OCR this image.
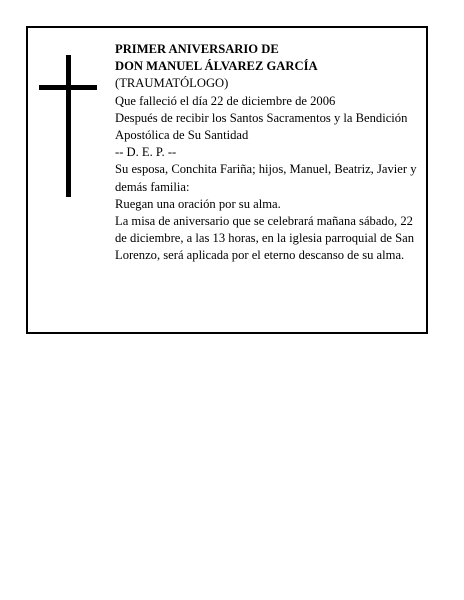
PRIMER ANIVERSARIO DE

DON MANUEL ÁLVAREZ GARCÍA

(TRAUMATÓLOGO)

Que falleció el día 22 de diciembre de 2006

Después de recibir los Santos Sacramentos y la Bendición Apostólica de Su Santidad

-- D. E. P. --

Su esposa, Conchita Fariña; hijos, Manuel, Beatriz, Javier y demás familia:

Ruegan una oración por su alma.

La misa de aniversario que se celebrará mañana sábado, 22 de diciembre, a las 13 horas, en la iglesia parroquial de San Lorenzo, será aplicada por el eterno descanso de su alma.
